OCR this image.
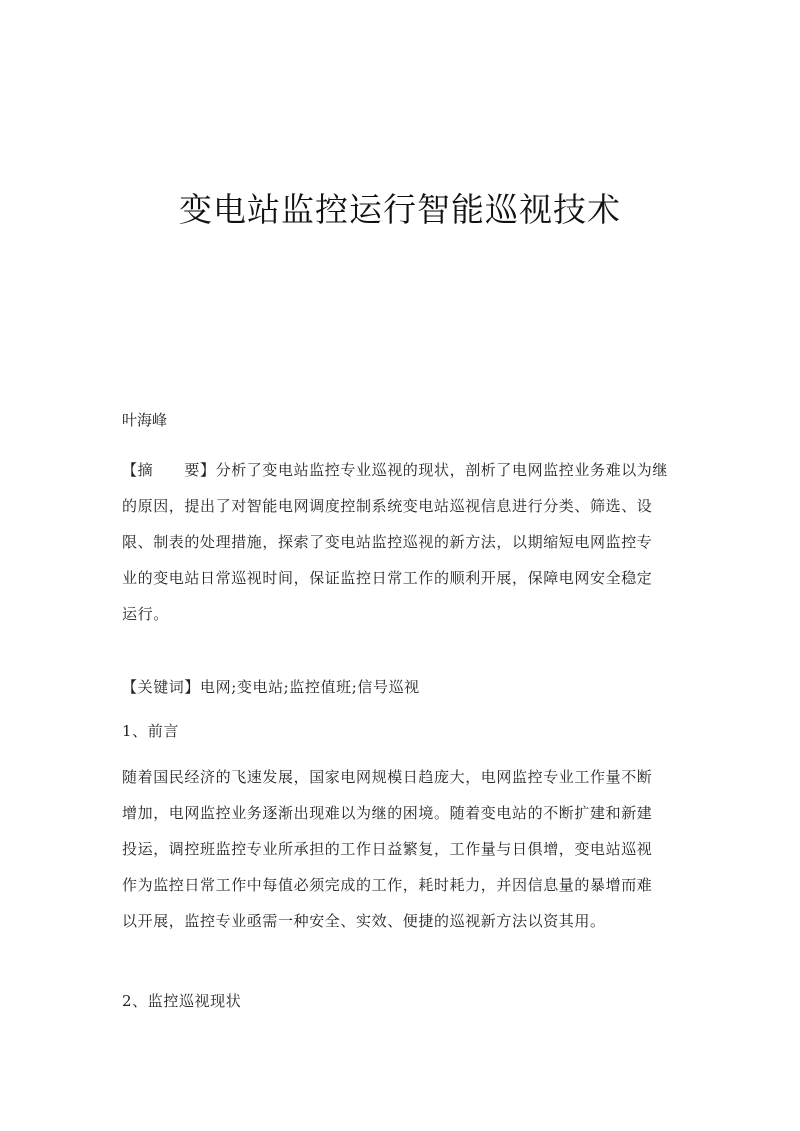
变电站监控运行智能巡视技术
叶海峰
【摘　　要】分析了变电站监控专业巡视的现状，剖析了电网监控业务难以为继
的原因，提出了对智能电网调度控制系统变电站巡视信息进行分类、筛选、设
限、制表的处理措施，探索了变电站监控巡视的新方法，以期缩短电网监控专
业的变电站日常巡视时间，保证监控日常工作的顺利开展，保障电网安全稳定
运行。
【关键词】电网;变电站;监控值班;信号巡视
1、前言
随着国民经济的飞速发展，国家电网规模日趋庞大，电网监控专业工作量不断
增加，电网监控业务逐渐出现难以为继的困境。随着变电站的不断扩建和新建
投运，调控班监控专业所承担的工作日益繁复，工作量与日俱增，变电站巡视
作为监控日常工作中每值必须完成的工作，耗时耗力，并因信息量的暴增而难
以开展，监控专业亟需一种安全、实效、便捷的巡视新方法以资其用。
2、监控巡视现状
